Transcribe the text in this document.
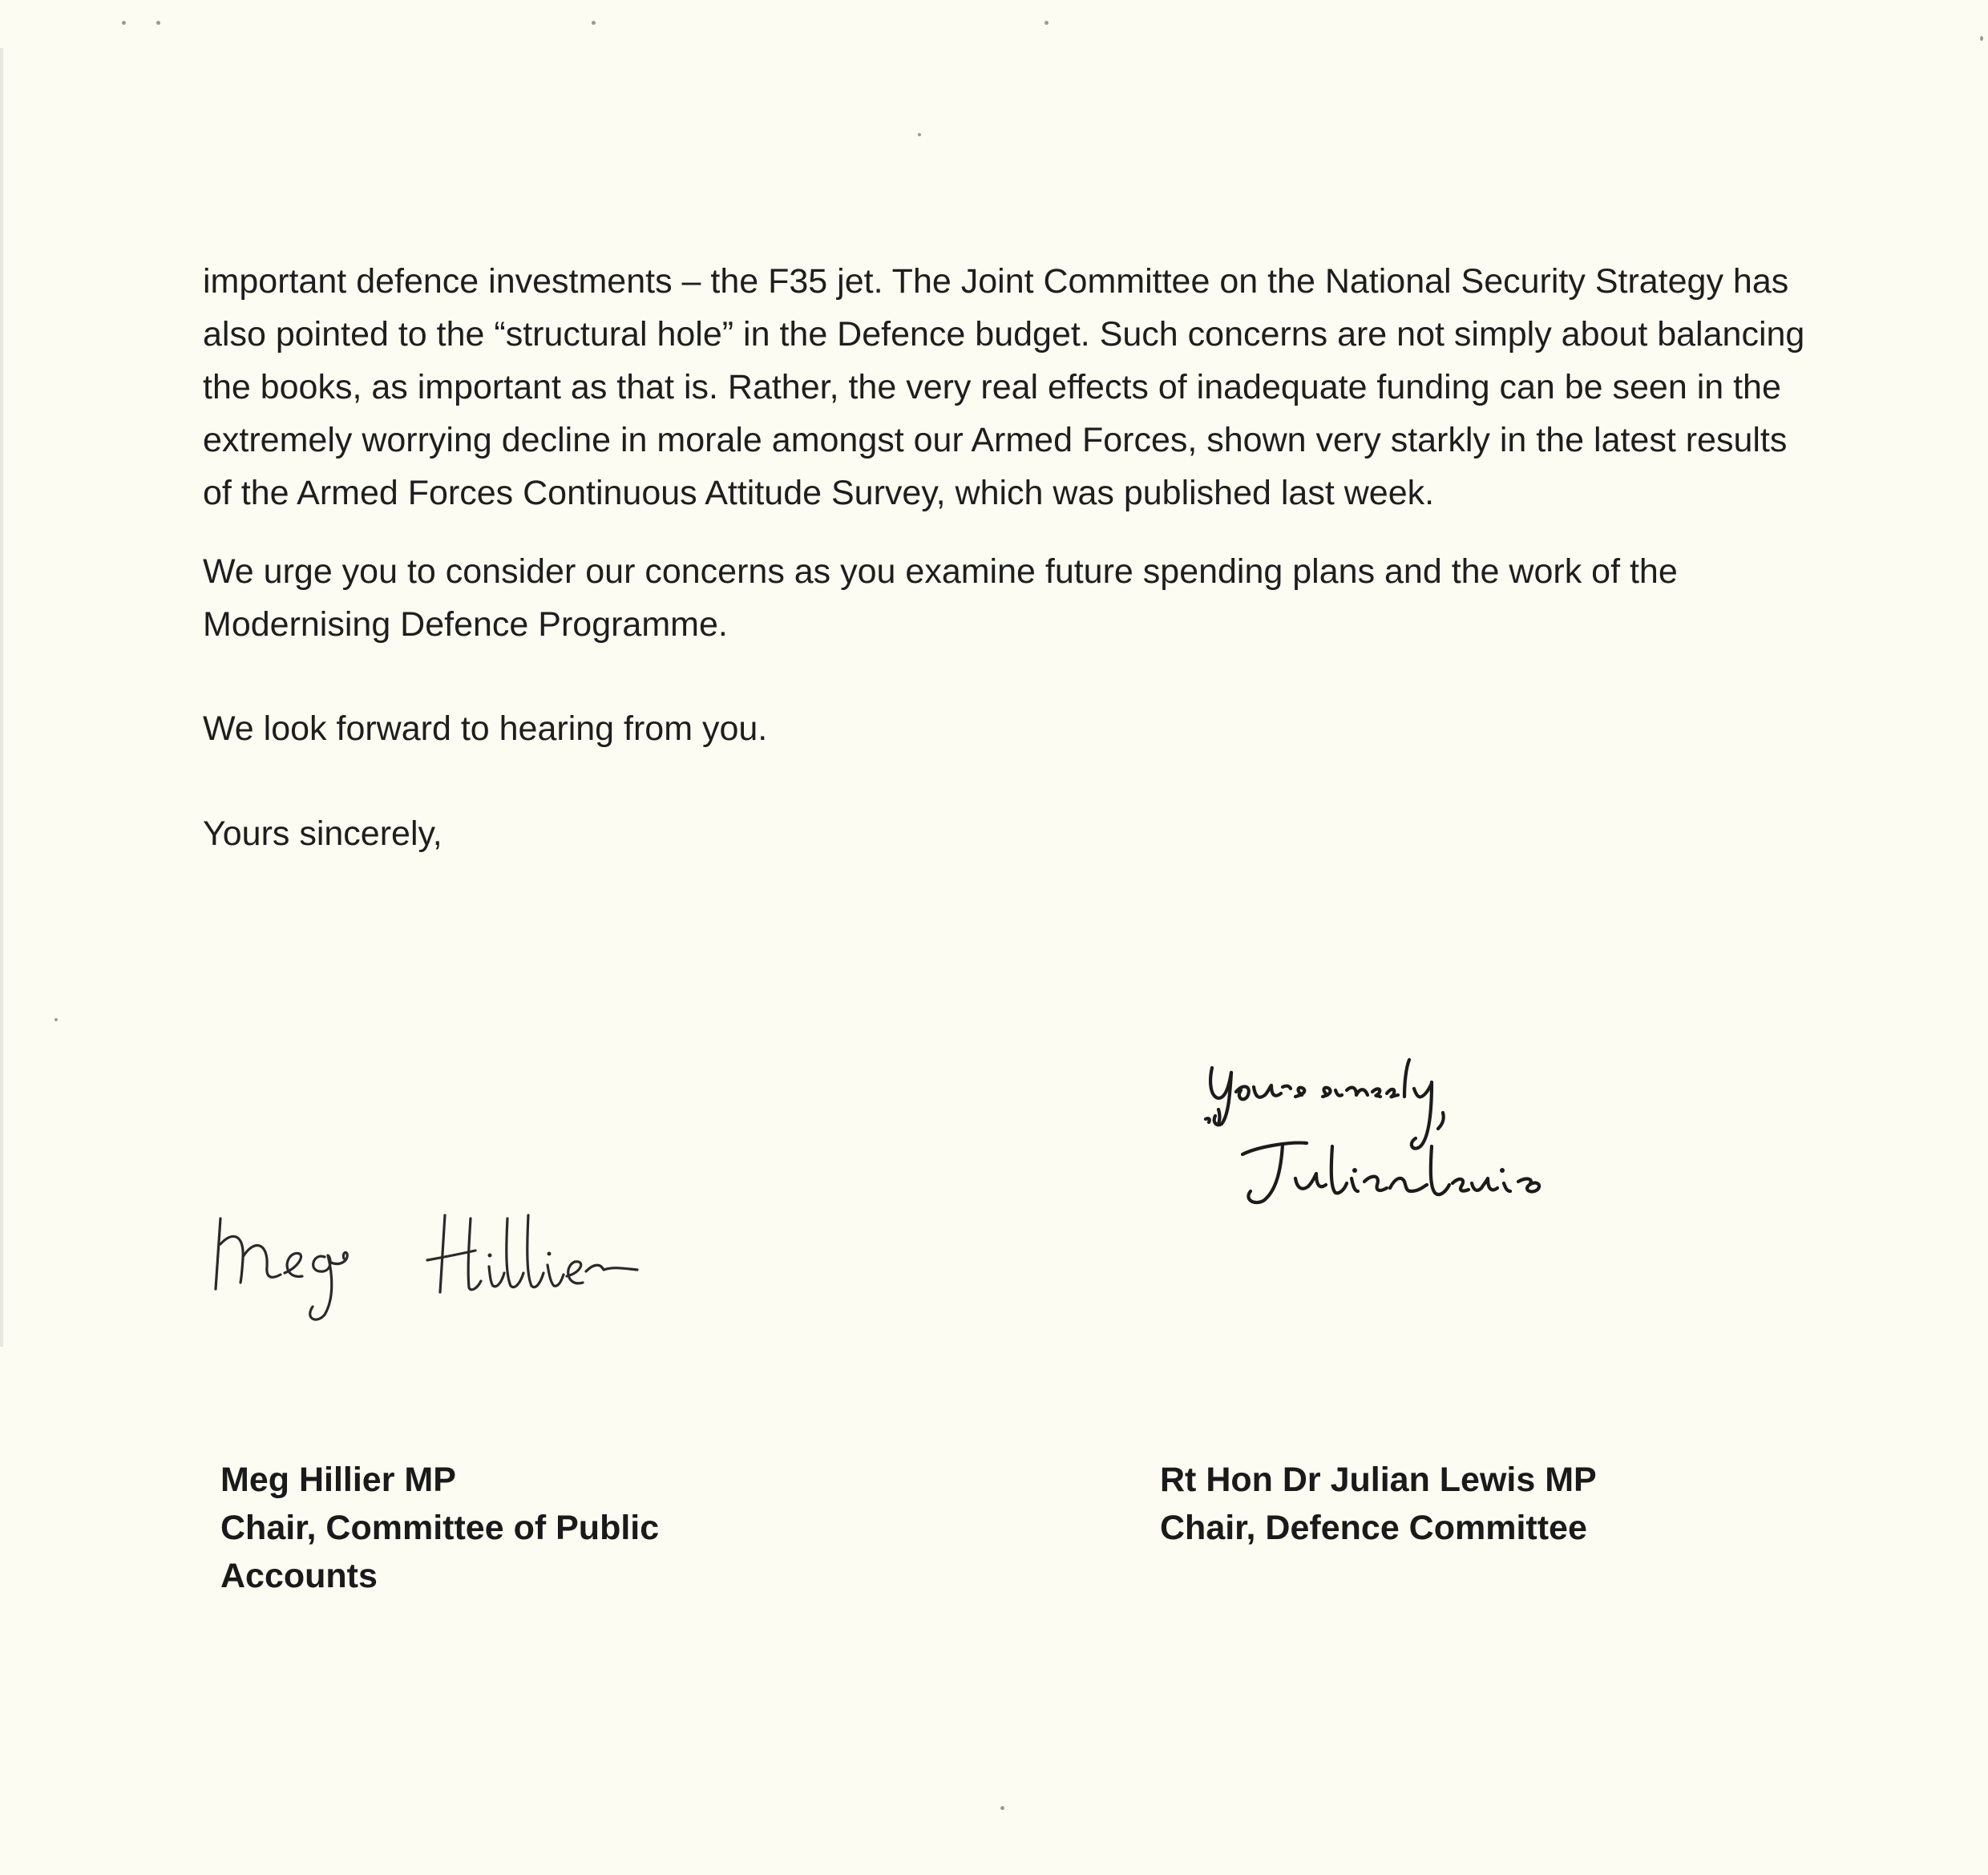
important defence investments – the F35 jet. The Joint Committee on the National Security Strategy has also pointed to the “structural hole” in the Defence budget. Such concerns are not simply about balancing the books, as important as that is. Rather, the very real effects of inadequate funding can be seen in the extremely worrying decline in morale amongst our Armed Forces, shown very starkly in the latest results of the Armed Forces Continuous Attitude Survey, which was published last week.

We urge you to consider our concerns as you examine future spending plans and the work of the Modernising Defence Programme.

We look forward to hearing from you.

Yours sincerely,

Meg Hillier MP
Chair, Committee of Public
Accounts
Rt Hon Dr Julian Lewis MP
Chair, Defence Committee
